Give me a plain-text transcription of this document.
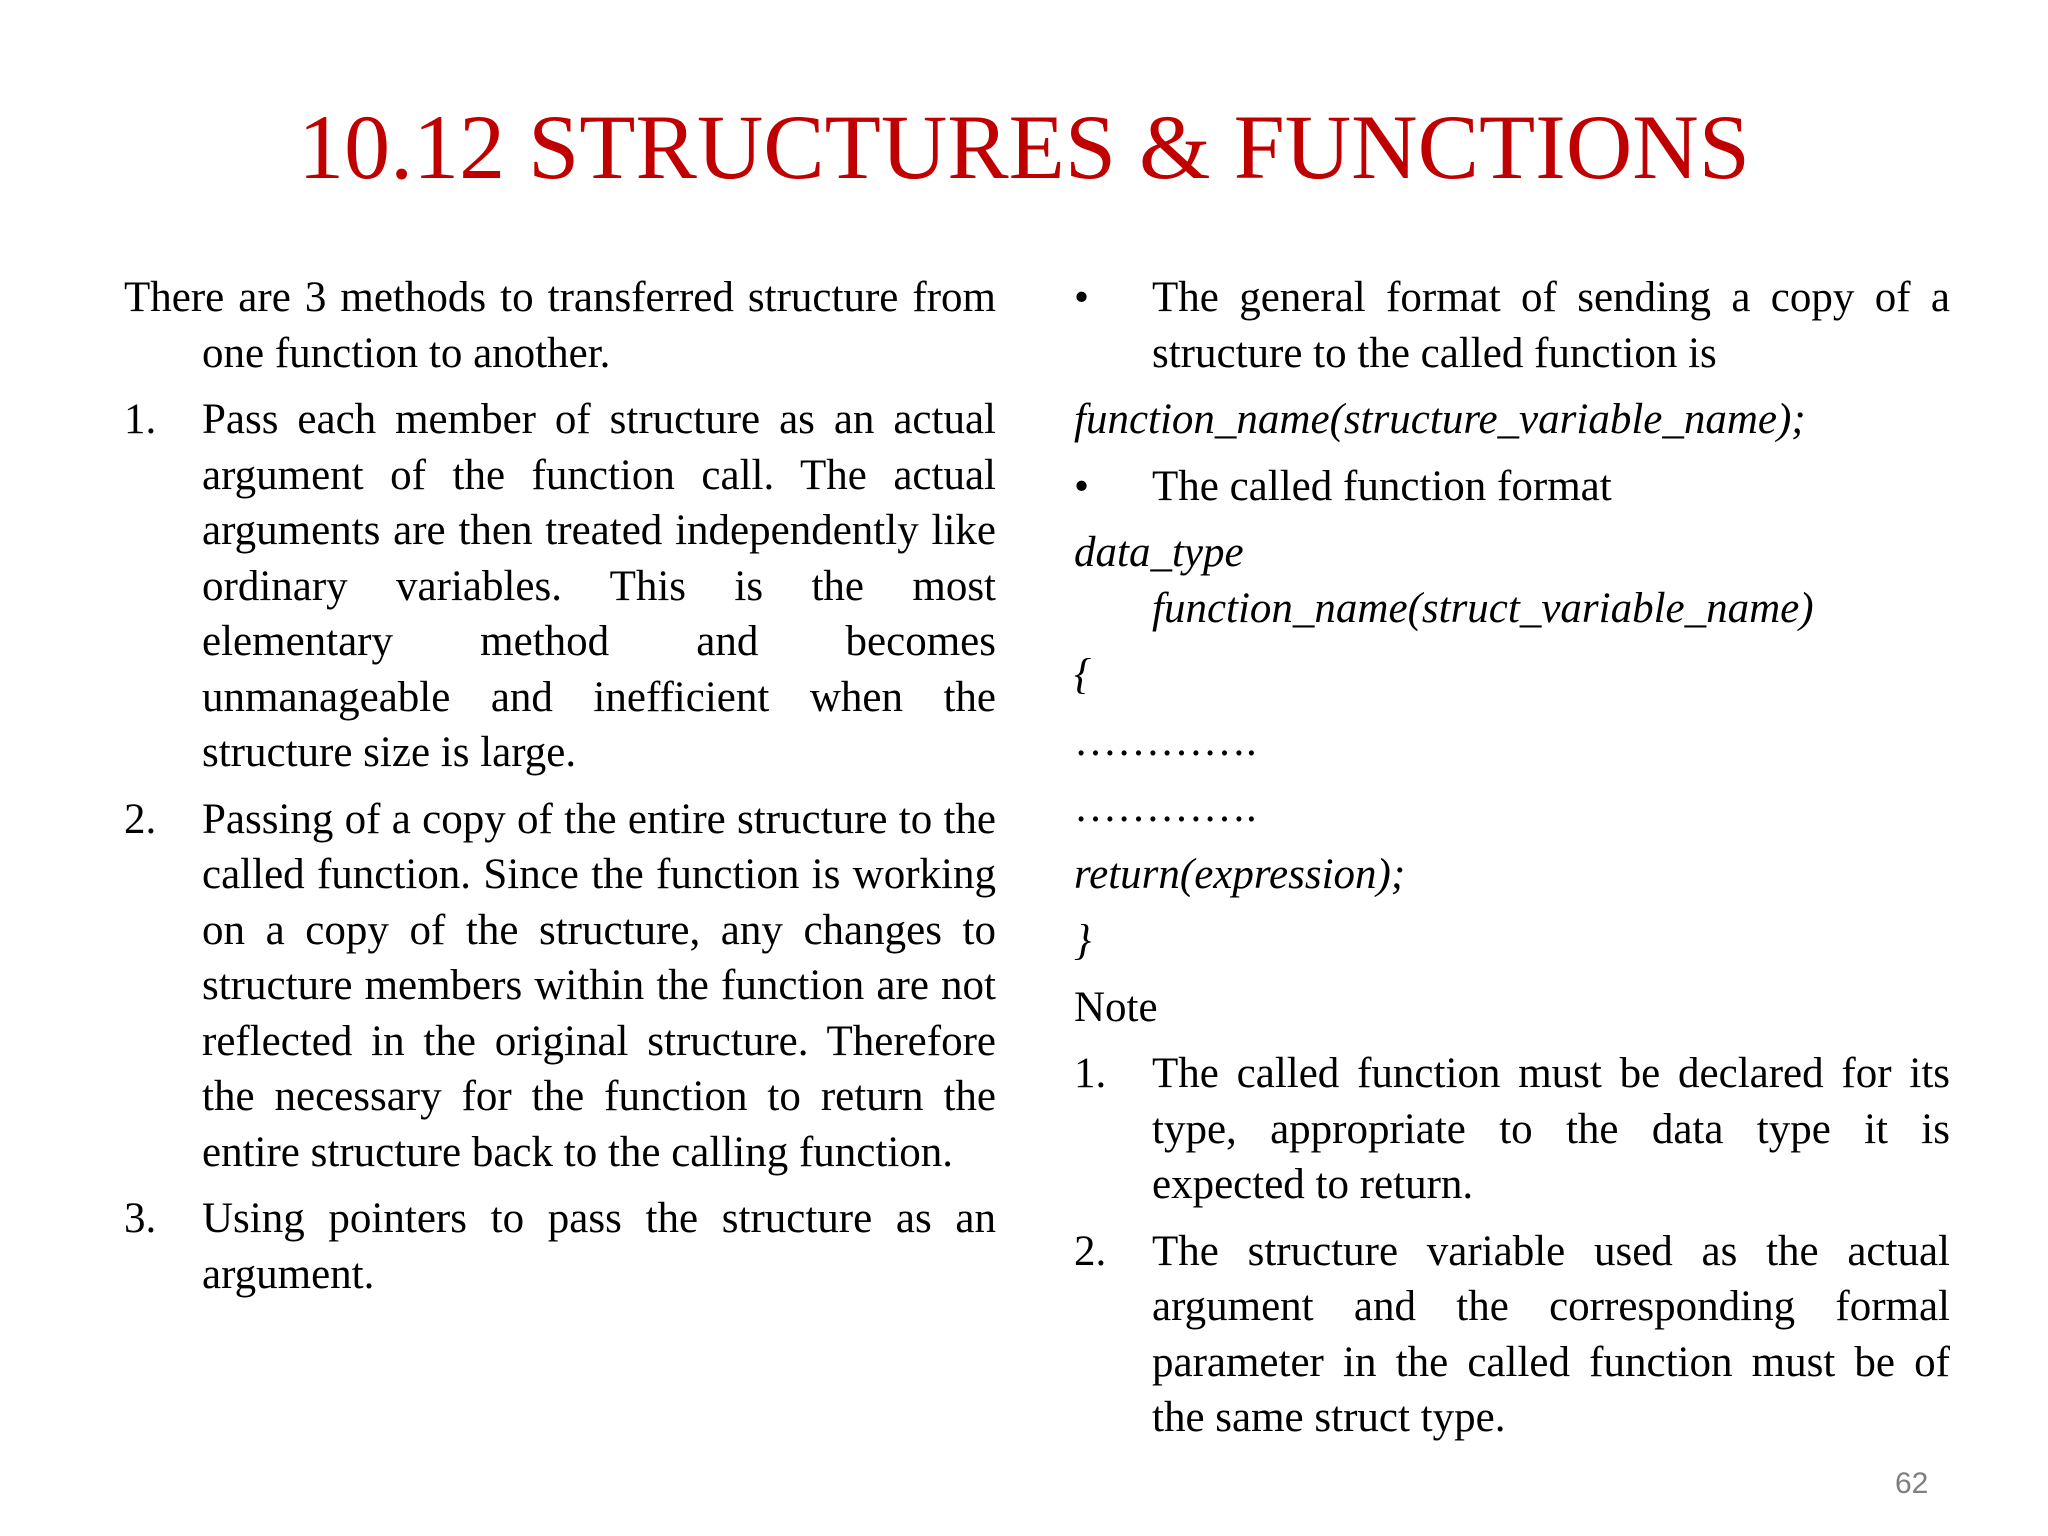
10.12 STRUCTURES & FUNCTIONS
There are 3 methods to transferred structure from one function to another.
1.	Pass each member of structure as an actual argument of the function call. The actual arguments are then treated independently like ordinary variables. This is the most elementary method and becomes unmanageable and inefficient when the structure size is large.
2.	Passing of a copy of the entire structure to the called function. Since the function is working on a copy of the structure, any changes to structure members within the function are not reflected in the original structure. Therefore the necessary for the function to return the entire structure back to the calling function.
3.	Using pointers to pass the structure as an argument.
•	The general format of sending a copy of a structure to the called function is
function_name(structure_variable_name);
•	The called function format
data_type
function_name(struct_variable_name)
{
………….
………….
return(expression);
}
Note
1.	The called function must be declared for its type, appropriate to the data type it is expected to return.
2.	The structure variable used as the actual argument and the corresponding formal parameter in the called function must be of the same struct type.
62
